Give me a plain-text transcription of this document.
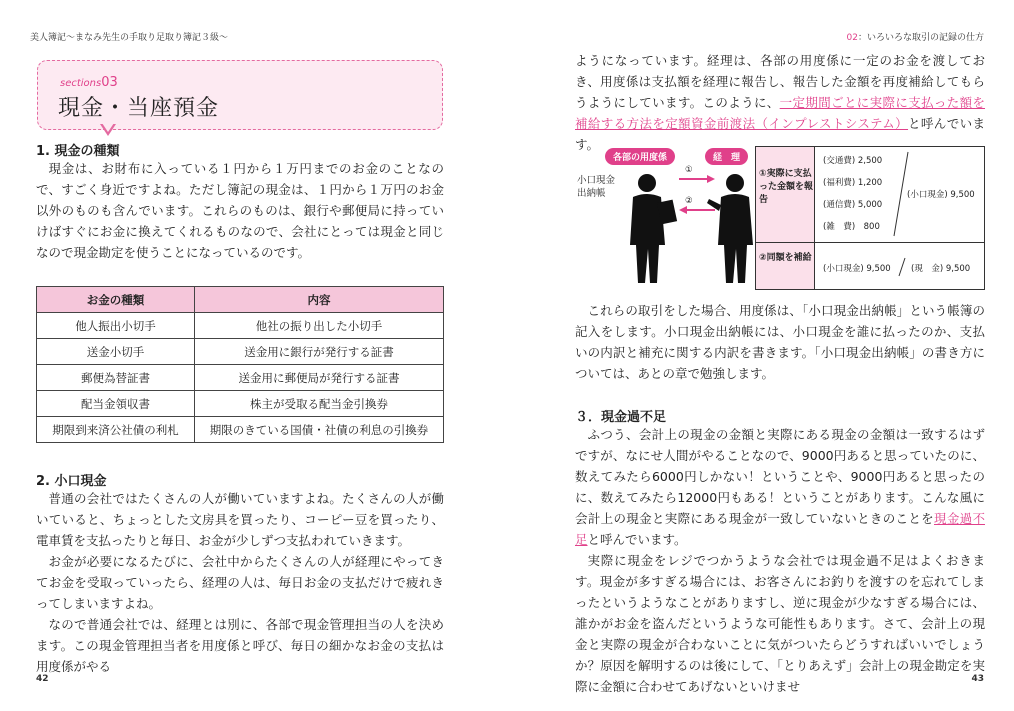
美人簿記〜まなみ先生の手取り足取り簿記３級〜
sections03
現金・当座預金
1. 現金の種類

現金は、お財布に入っている１円から１万円までのお金のことなので、すごく身近ですよね。ただし簿記の現金は、１円から１万円のお金以外のものも含んでいます。これらのものは、銀行や郵便局に持っていけばすぐにお金に換えてくれるものなので、会社にとっては現金と同じなので現金勘定を使うことになっているのです。

お金の種類	内容
他人振出小切手	他社の振り出した小切手
送金小切手	送金用に銀行が発行する証書
郵便為替証書	送金用に郵便局が発行する証書
配当金領収書	株主が受取る配当金引換券
期限到来済公社債の利札	期限のきている国債・社債の利息の引換券
2. 小口現金

普通の会社ではたくさんの人が働いていますよね。たくさんの人が働いていると、ちょっとした文房具を買ったり、コーピー豆を買ったり、電車賃を支払ったりと毎日、お金が少しずつ支払われていきます。

お金が必要になるたびに、会社中からたくさんの人が経理にやってきてお金を受取っていったら、経理の人は、毎日お金の支払だけで疲れきってしまいますよね。

なので普通会社では、経理とは別に、各部で現金管理担当の人を決めます。この現金管理担当者を用度係と呼び、毎日の細かなお金の支払は用度係がやる

42
02：いろいろな取引の記録の仕方
ようになっています。経理は、各部の用度係に一定のお金を渡しておき、用度係は支払額を経理に報告し、報告した金額を再度補給してもらうようにしています。このように、一定期間ごとに実際に支払った額を補給する方法を定額資金前渡法（インプレストシステム）と呼んでいます。
各部の用度係	経　理
小口現金出納帳
①
②
①実際に支払った金額を報告
(交通費) 2,500
(福利費) 1,200
(通信費) 5,000
(雑　費)　800
(小口現金) 9,500
②同額を補給
(小口現金) 9,500 (現　金) 9,500

これらの取引をした場合、用度係は、「小口現金出納帳」という帳簿の記入をします。小口現金出納帳には、小口現金を誰に払ったのか、支払いの内訳と補充に関する内訳を書きます。「小口現金出納帳」の書き方については、あとの章で勉強します。

３．現金過不足

ふつう、会計上の現金の金額と実際にある現金の金額は一致するはずですが、なにせ人間がやることなので、9000円あると思っていたのに、数えてみたら6000円しかない！ということや、9000円あると思ったのに、数えてみたら12000円もある！ということがあります。こんな風に会計上の現金と実際にある現金が一致していないときのことを現金過不足と呼んでいます。

実際に現金をレジでつかうような会社では現金過不足はよくおきます。現金が多すぎる場合には、お客さんにお釣りを渡すのを忘れてしまったというようなことがありますし、逆に現金が少なすぎる場合には、誰かがお金を盗んだというような可能性もあります。さて、会計上の現金と実際の現金が合わないことに気がついたらどうすればいいでしょうか？原因を解明するのは後にして、「とりあえず」会計上の現金勘定を実際に金額に合わせてあげないといけませ	43
